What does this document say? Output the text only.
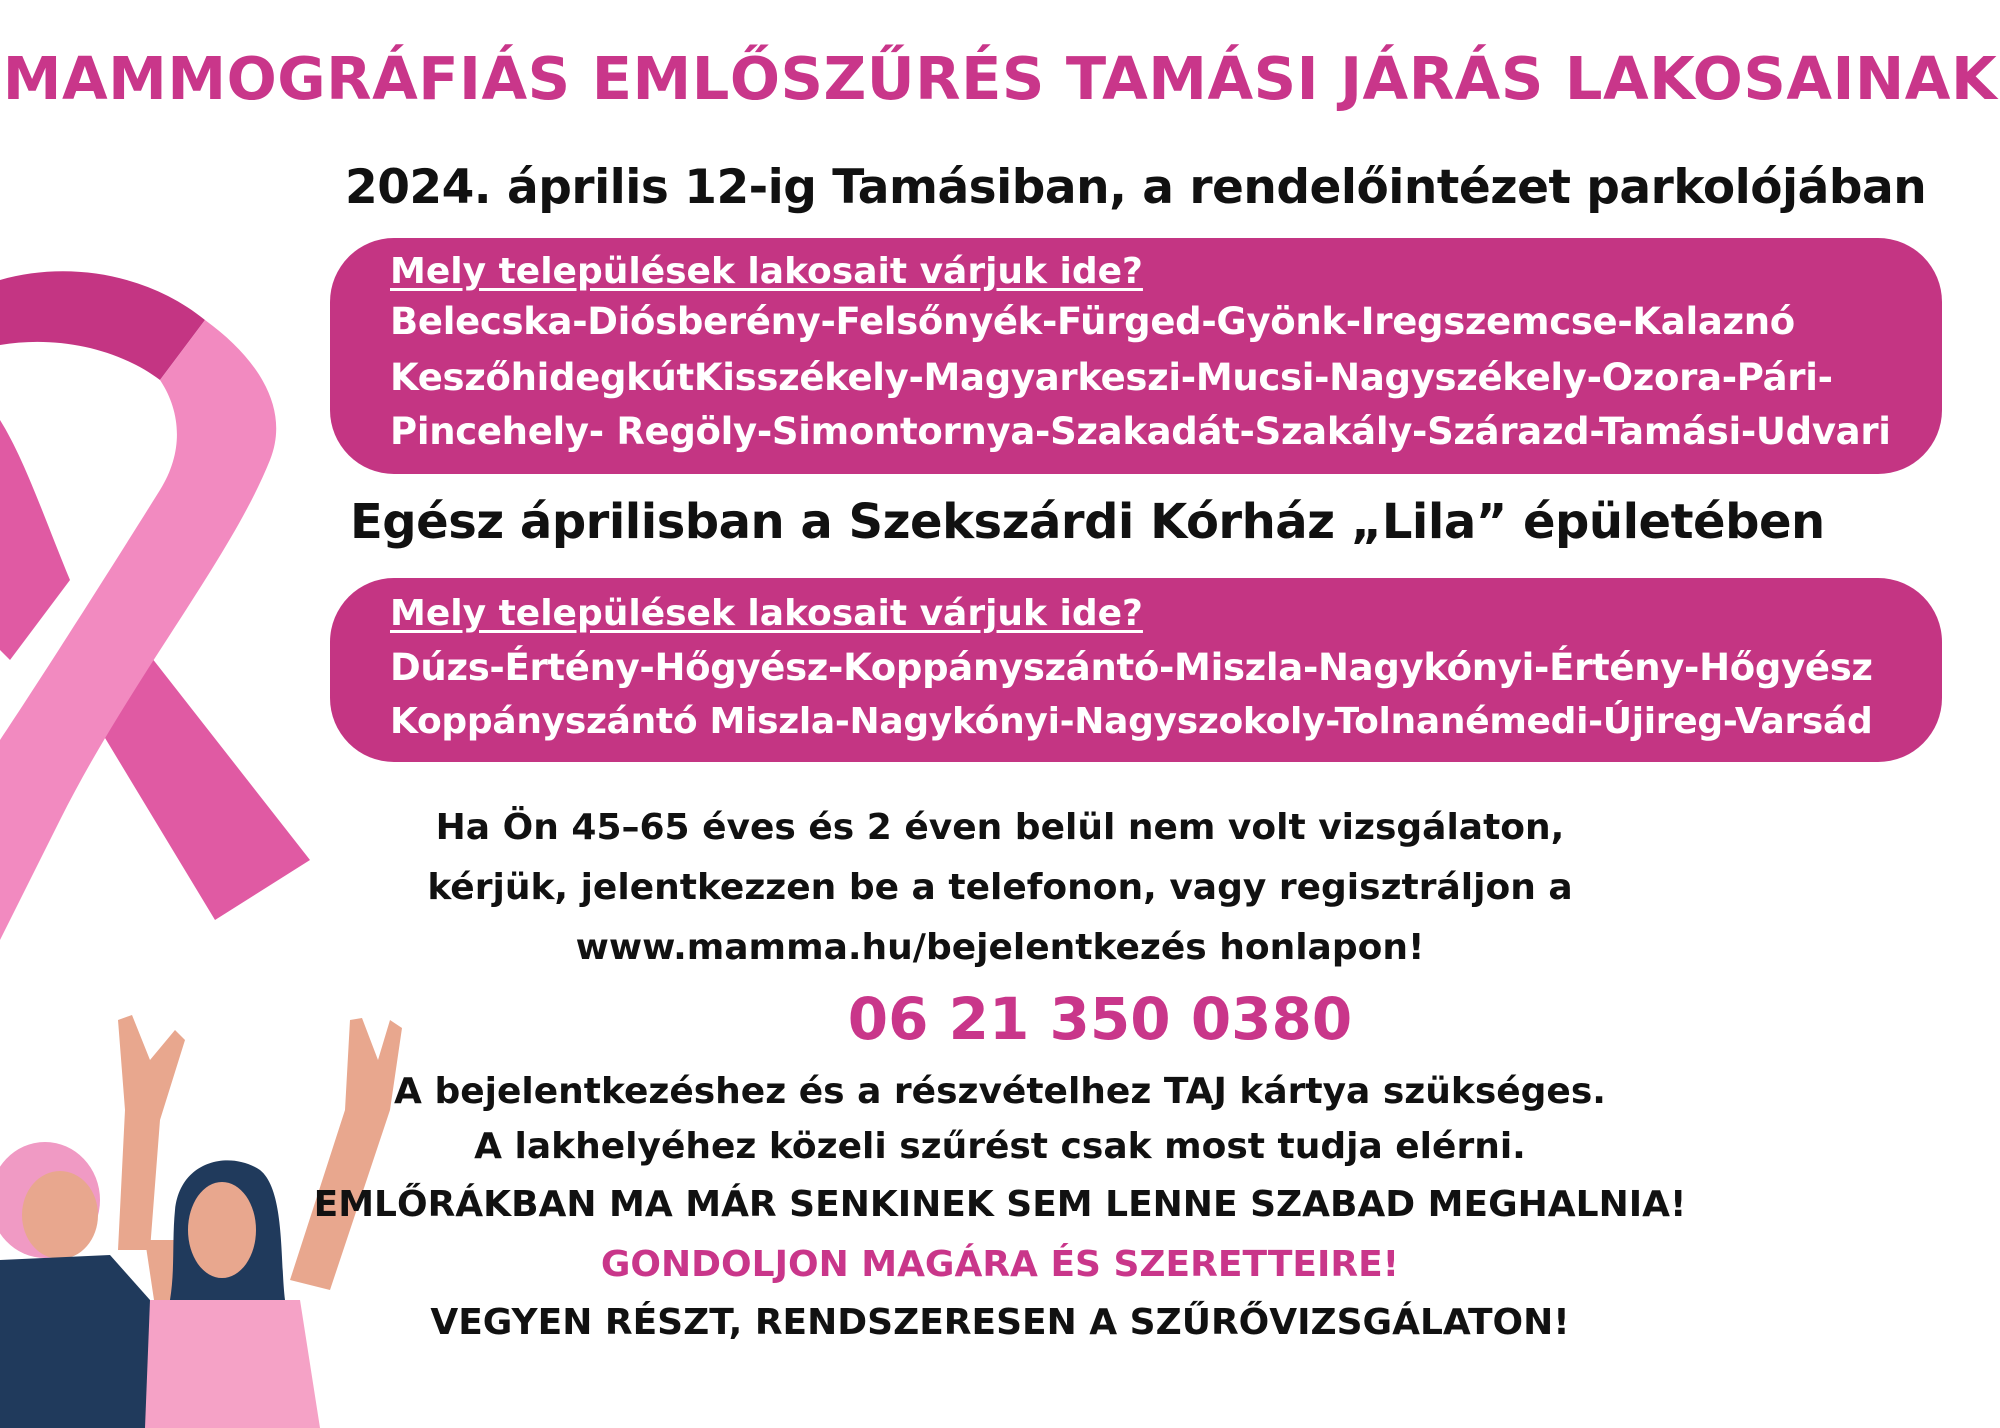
MAMMOGRÁFIÁS EMLŐSZŰRÉS TAMÁSI JÁRÁS LAKOSAINAK
2024. április 12-ig Tamásiban, a rendelőintézet parkolójában
Mely települések lakosait várjuk ide?
Belecska-Diósberény-Felsőnyék-Fürged-Gyönk-Iregszemcse-Kalaznó
KeszőhidegkútKisszékely-Magyarkeszi-Mucsi-Nagyszékely-Ozora-Pári-
Pincehely- Regöly-Simontornya-Szakadát-Szakály-Szárazd-Tamási-Udvari
Egész áprilisban a Szekszárdi Kórház „Lila” épületében
Mely települések lakosait várjuk ide?
Dúzs-Értény-Hőgyész-Koppányszántó-Miszla-Nagykónyi-Értény-Hőgyész
Koppányszántó Miszla-Nagykónyi-Nagyszokoly-Tolnanémedi-Újireg-Varsád
Ha Ön 45–65 éves és 2 éven belül nem volt vizsgálaton,
kérjük, jelentkezzen be a telefonon, vagy regisztráljon a
www.mamma.hu/bejelentkezés honlapon!
06 21 350 0380
A bejelentkezéshez és a részvételhez TAJ kártya szükséges.
A lakhelyéhez közeli szűrést csak most tudja elérni.
EMLŐRÁKBAN MA MÁR SENKINEK SEM LENNE SZABAD MEGHALNIA!
GONDOLJON MAGÁRA ÉS SZERETTEIRE!
VEGYEN RÉSZT, RENDSZERESEN A SZŰRŐVIZSGÁLATON!
